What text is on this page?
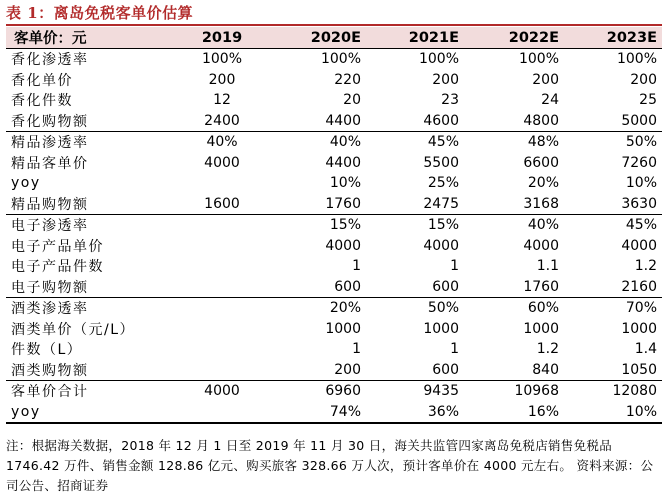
表 1：离岛免税客单价估算
客单价：元	2019	2020E	2021E	2022E	2023E
香化渗透率	100%	100%	100%	100%	100%
香化单价	200	220	200	200	200
香化件数	12	20	23	24	25
香化购物额	2400	4400	4600	4800	5000
精品渗透率	40%	40%	45%	48%	50%
精品客单价	4000	4400	5500	6600	7260
yoy		10%	25%	20%	10%
精品购物额	1600	1760	2475	3168	3630
电子渗透率		15%	15%	40%	45%
电子产品单价		4000	4000	4000	4000
电子产品件数		1	1	1.1	1.2
电子购物额		600	600	1760	2160
酒类渗透率		20%	50%	60%	70%
酒类单价（元/L）		1000	1000	1000	1000
件数（L）		1	1	1.2	1.4
酒类购物额		200	600	840	1050
客单价合计	4000	6960	9435	10968	12080
yoy		74%	36%	16%	10%
注：根据海关数据，2018 年 12 月 1 日至 2019 年 11 月 30 日，海关共监管四家离岛免税店销售免税品 1746.42 万件、销售金额 128.86 亿元、购买旅客 328.66 万人次，预计客单价在 4000 元左右。 资料来源：公司公告、招商证券
